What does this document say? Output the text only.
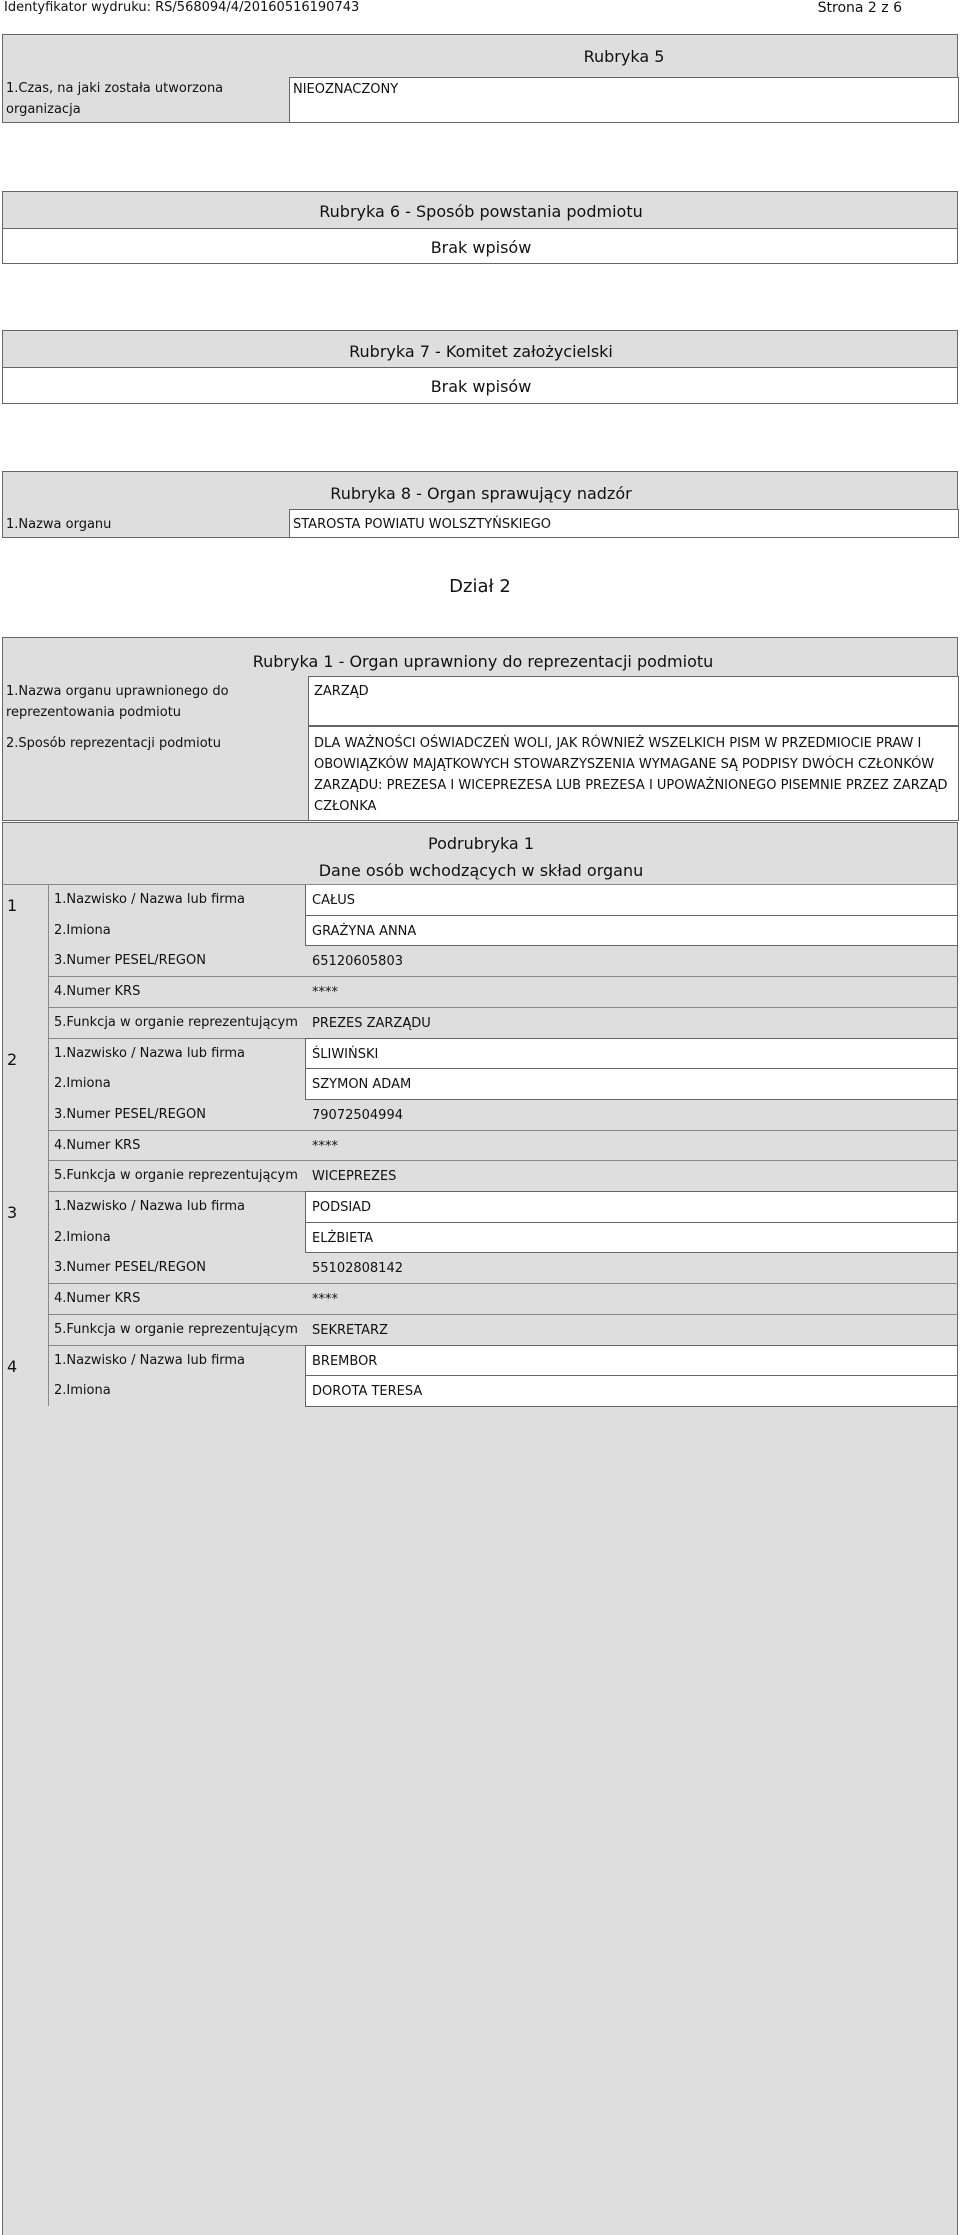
Identyfikator wydruku: RS/568094/4/20160516190743	Strona 2 z 6
Rubryka 5
1.Czas, na jaki została utworzona organizacja
NIEOZNACZONY
Rubryka 6 - Sposób powstania podmiotu
Brak wpisów
Rubryka 7 - Komitet założycielski
Brak wpisów
Rubryka 8 - Organ sprawujący nadzór
1.Nazwa organu	STAROSTA POWIATU WOLSZTYŃSKIEGO
Dział 2
Rubryka 1 - Organ uprawniony do reprezentacji podmiotu
1.Nazwa organu uprawnionego do reprezentowania podmiotu
ZARZĄD
2.Sposób reprezentacji podmiotu	DLA WAŻNOŚCI OŚWIADCZEŃ WOLI, JAK RÓWNIEŻ WSZELKICH PISM W PRZEDMIOCIE PRAW I OBOWIĄZKÓW MAJĄTKOWYCH STOWARZYSZENIA WYMAGANE SĄ PODPISY DWÓCH CZŁONKÓW ZARZĄDU: PREZESA I WICEPREZESA LUB PREZESA I UPOWAŻNIONEGO PISEMNIE PRZEZ ZARZĄD CZŁONKA
Podrubryka 1
Dane osób wchodzących w skład organu
1	1.Nazwisko / Nazwa lub firma	CAŁUS
2.Imiona	GRAŻYNA ANNA
3.Numer PESEL/REGON	65120605803
4.Numer KRS	****
5.Funkcja w organie reprezentującym PREZES ZARZĄDU
2	1.Nazwisko / Nazwa lub firma	ŚLIWIŃSKI
2.Imiona	SZYMON ADAM
3.Numer PESEL/REGON	79072504994
4.Numer KRS	****
5.Funkcja w organie reprezentującym WICEPREZES
3	1.Nazwisko / Nazwa lub firma	PODSIAD
2.Imiona	ELŻBIETA
3.Numer PESEL/REGON	55102808142
4.Numer KRS	****
5.Funkcja w organie reprezentującym SEKRETARZ
4	1.Nazwisko / Nazwa lub firma	BREMBOR
2.Imiona	DOROTA TERESA
